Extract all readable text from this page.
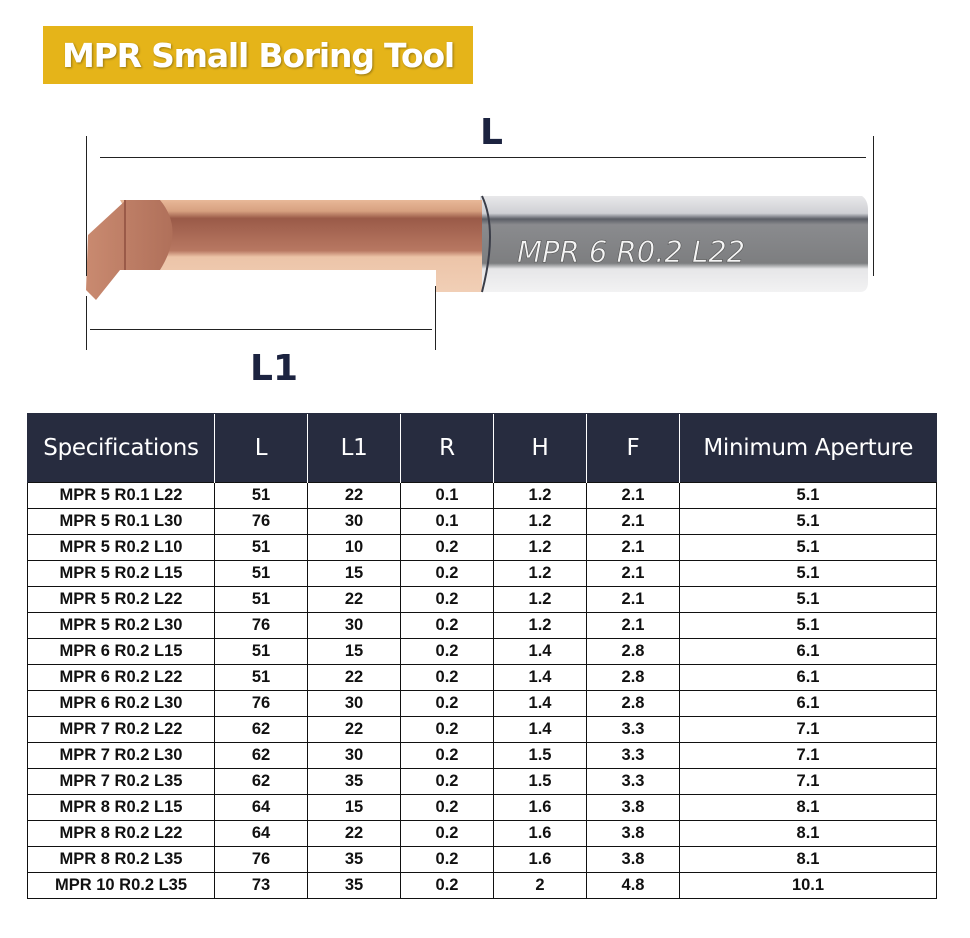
MPR Small Boring Tool
MPR 6 R0.2 L22
L
L1
Specifications	L	L1	R	H	F	Minimum Aperture
MPR 5 R0.1 L22	51	22	0.1	1.2	2.1	5.1
MPR 5 R0.1 L30	76	30	0.1	1.2	2.1	5.1
MPR 5 R0.2 L10	51	10	0.2	1.2	2.1	5.1
MPR 5 R0.2 L15	51	15	0.2	1.2	2.1	5.1
MPR 5 R0.2 L22	51	22	0.2	1.2	2.1	5.1
MPR 5 R0.2 L30	76	30	0.2	1.2	2.1	5.1
MPR 6 R0.2 L15	51	15	0.2	1.4	2.8	6.1
MPR 6 R0.2 L22	51	22	0.2	1.4	2.8	6.1
MPR 6 R0.2 L30	76	30	0.2	1.4	2.8	6.1
MPR 7 R0.2 L22	62	22	0.2	1.4	3.3	7.1
MPR 7 R0.2 L30	62	30	0.2	1.5	3.3	7.1
MPR 7 R0.2 L35	62	35	0.2	1.5	3.3	7.1
MPR 8 R0.2 L15	64	15	0.2	1.6	3.8	8.1
MPR 8 R0.2 L22	64	22	0.2	1.6	3.8	8.1
MPR 8 R0.2 L35	76	35	0.2	1.6	3.8	8.1
MPR 10 R0.2 L35	73	35	0.2	2	4.8	10.1
